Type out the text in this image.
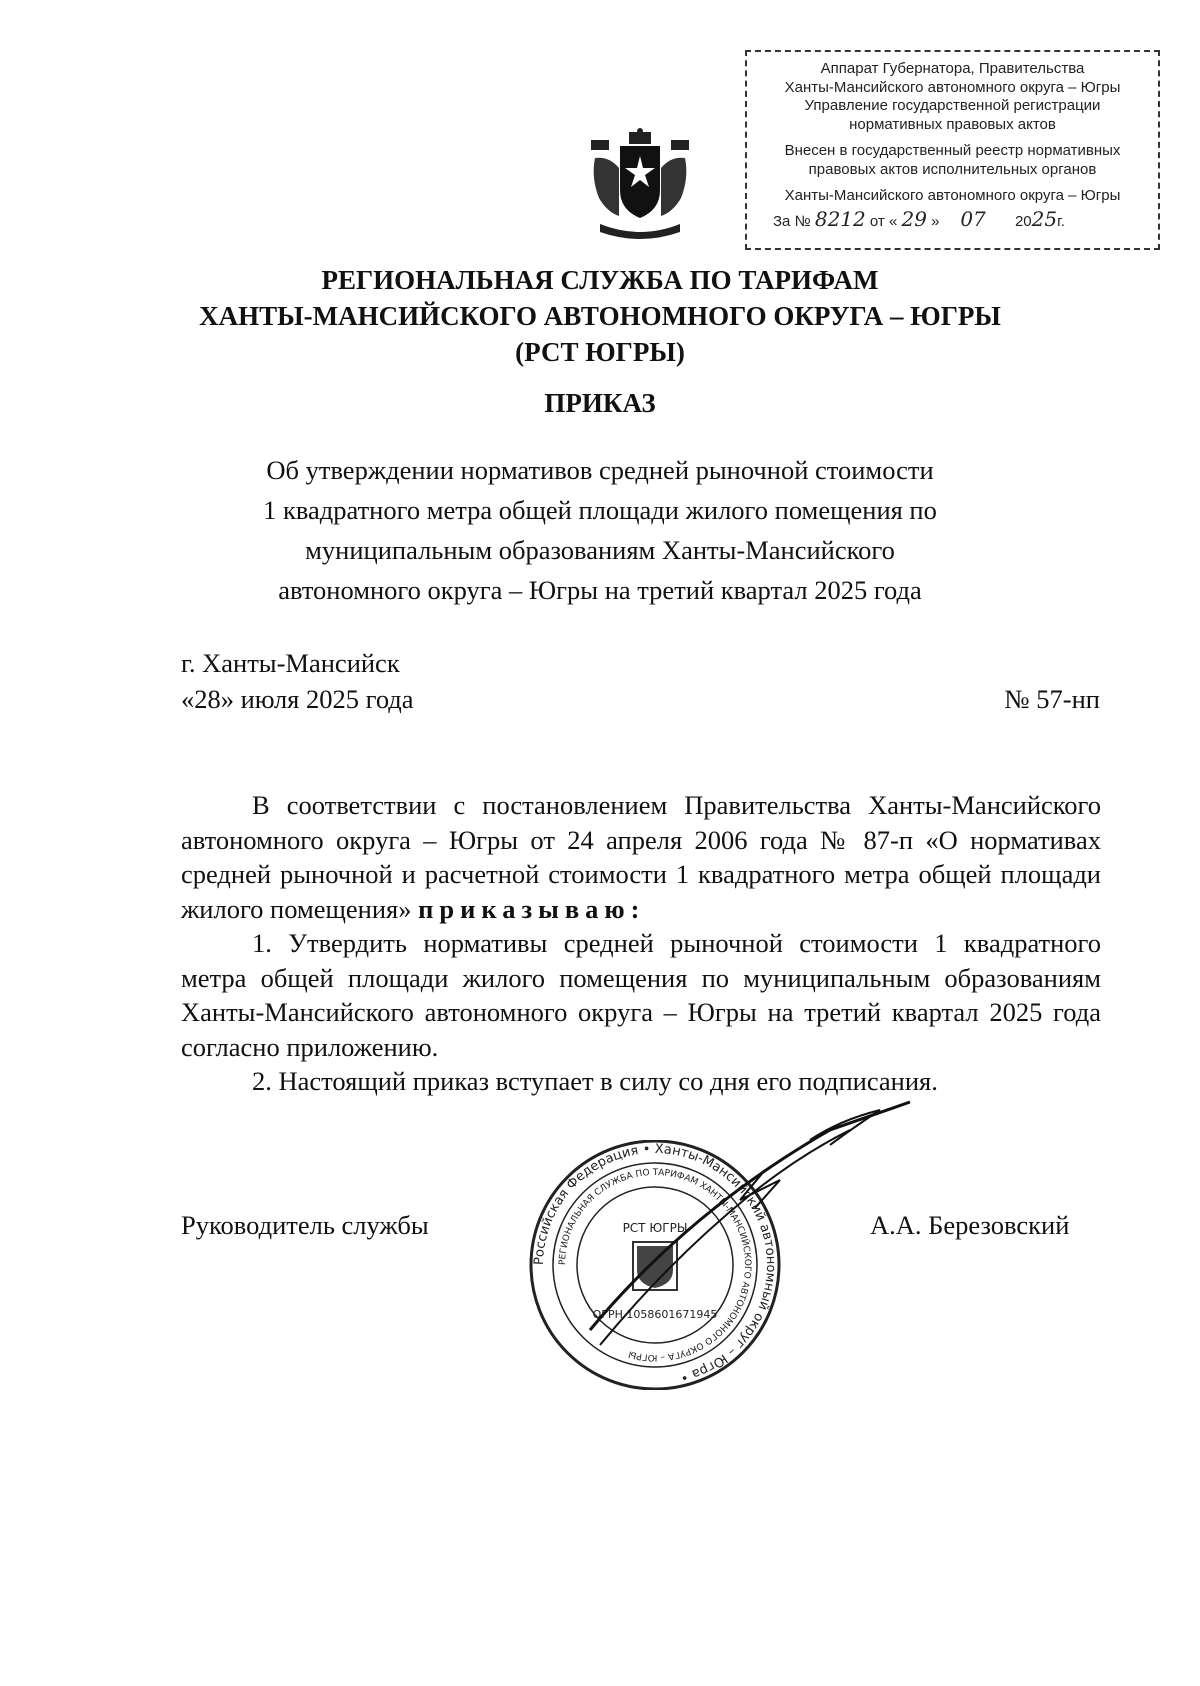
Аппарат Губернатора, Правительства
Ханты-Мансийского автономного округа – Югры
Управление государственной регистрации
нормативных правовых актов
Внесен в государственный реестр нормативных
правовых актов исполнительных органов
Ханты-Мансийского автономного округа – Югры
За № 8212 от « 29 » 07 2025г.
РЕГИОНАЛЬНАЯ СЛУЖБА ПО ТАРИФАМ
ХАНТЫ-МАНСИЙСКОГО АВТОНОМНОГО ОКРУГА – ЮГРЫ
(РСТ ЮГРЫ)
ПРИКАЗ
Об утверждении нормативов средней рыночной стоимости
1 квадратного метра общей площади жилого помещения по
муниципальным образованиям Ханты-Мансийского
автономного округа – Югры на третий квартал 2025 года
г. Ханты-Мансийск
«28» июля 2025 года	№ 57-нп

В соответствии с постановлением Правительства Ханты-Мансийского автономного округа – Югры от 24 апреля 2006 года № 87-п «О нормативах средней рыночной и расчетной стоимости 1 квадратного метра общей площади жилого помещения» приказываю:

1. Утвердить нормативы средней рыночной стоимости 1 квадратного метра общей площади жилого помещения по муниципальным образованиям Ханты-Мансийского автономного округа – Югры на третий квартал 2025 года согласно приложению.

2. Настоящий приказ вступает в силу со дня его подписания.

Российская Федерация • Ханты-Мансийский автономный округ – Югра •
РЕГИОНАЛЬНАЯ СЛУЖБА ПО ТАРИФАМ ХАНТЫ-МАНСИЙСКОГО АВТОНОМНОГО ОКРУГА – ЮГРЫ
РСТ ЮГРЫ
ОГРН 1058601671945
Руководитель службы	А.А. Березовский
